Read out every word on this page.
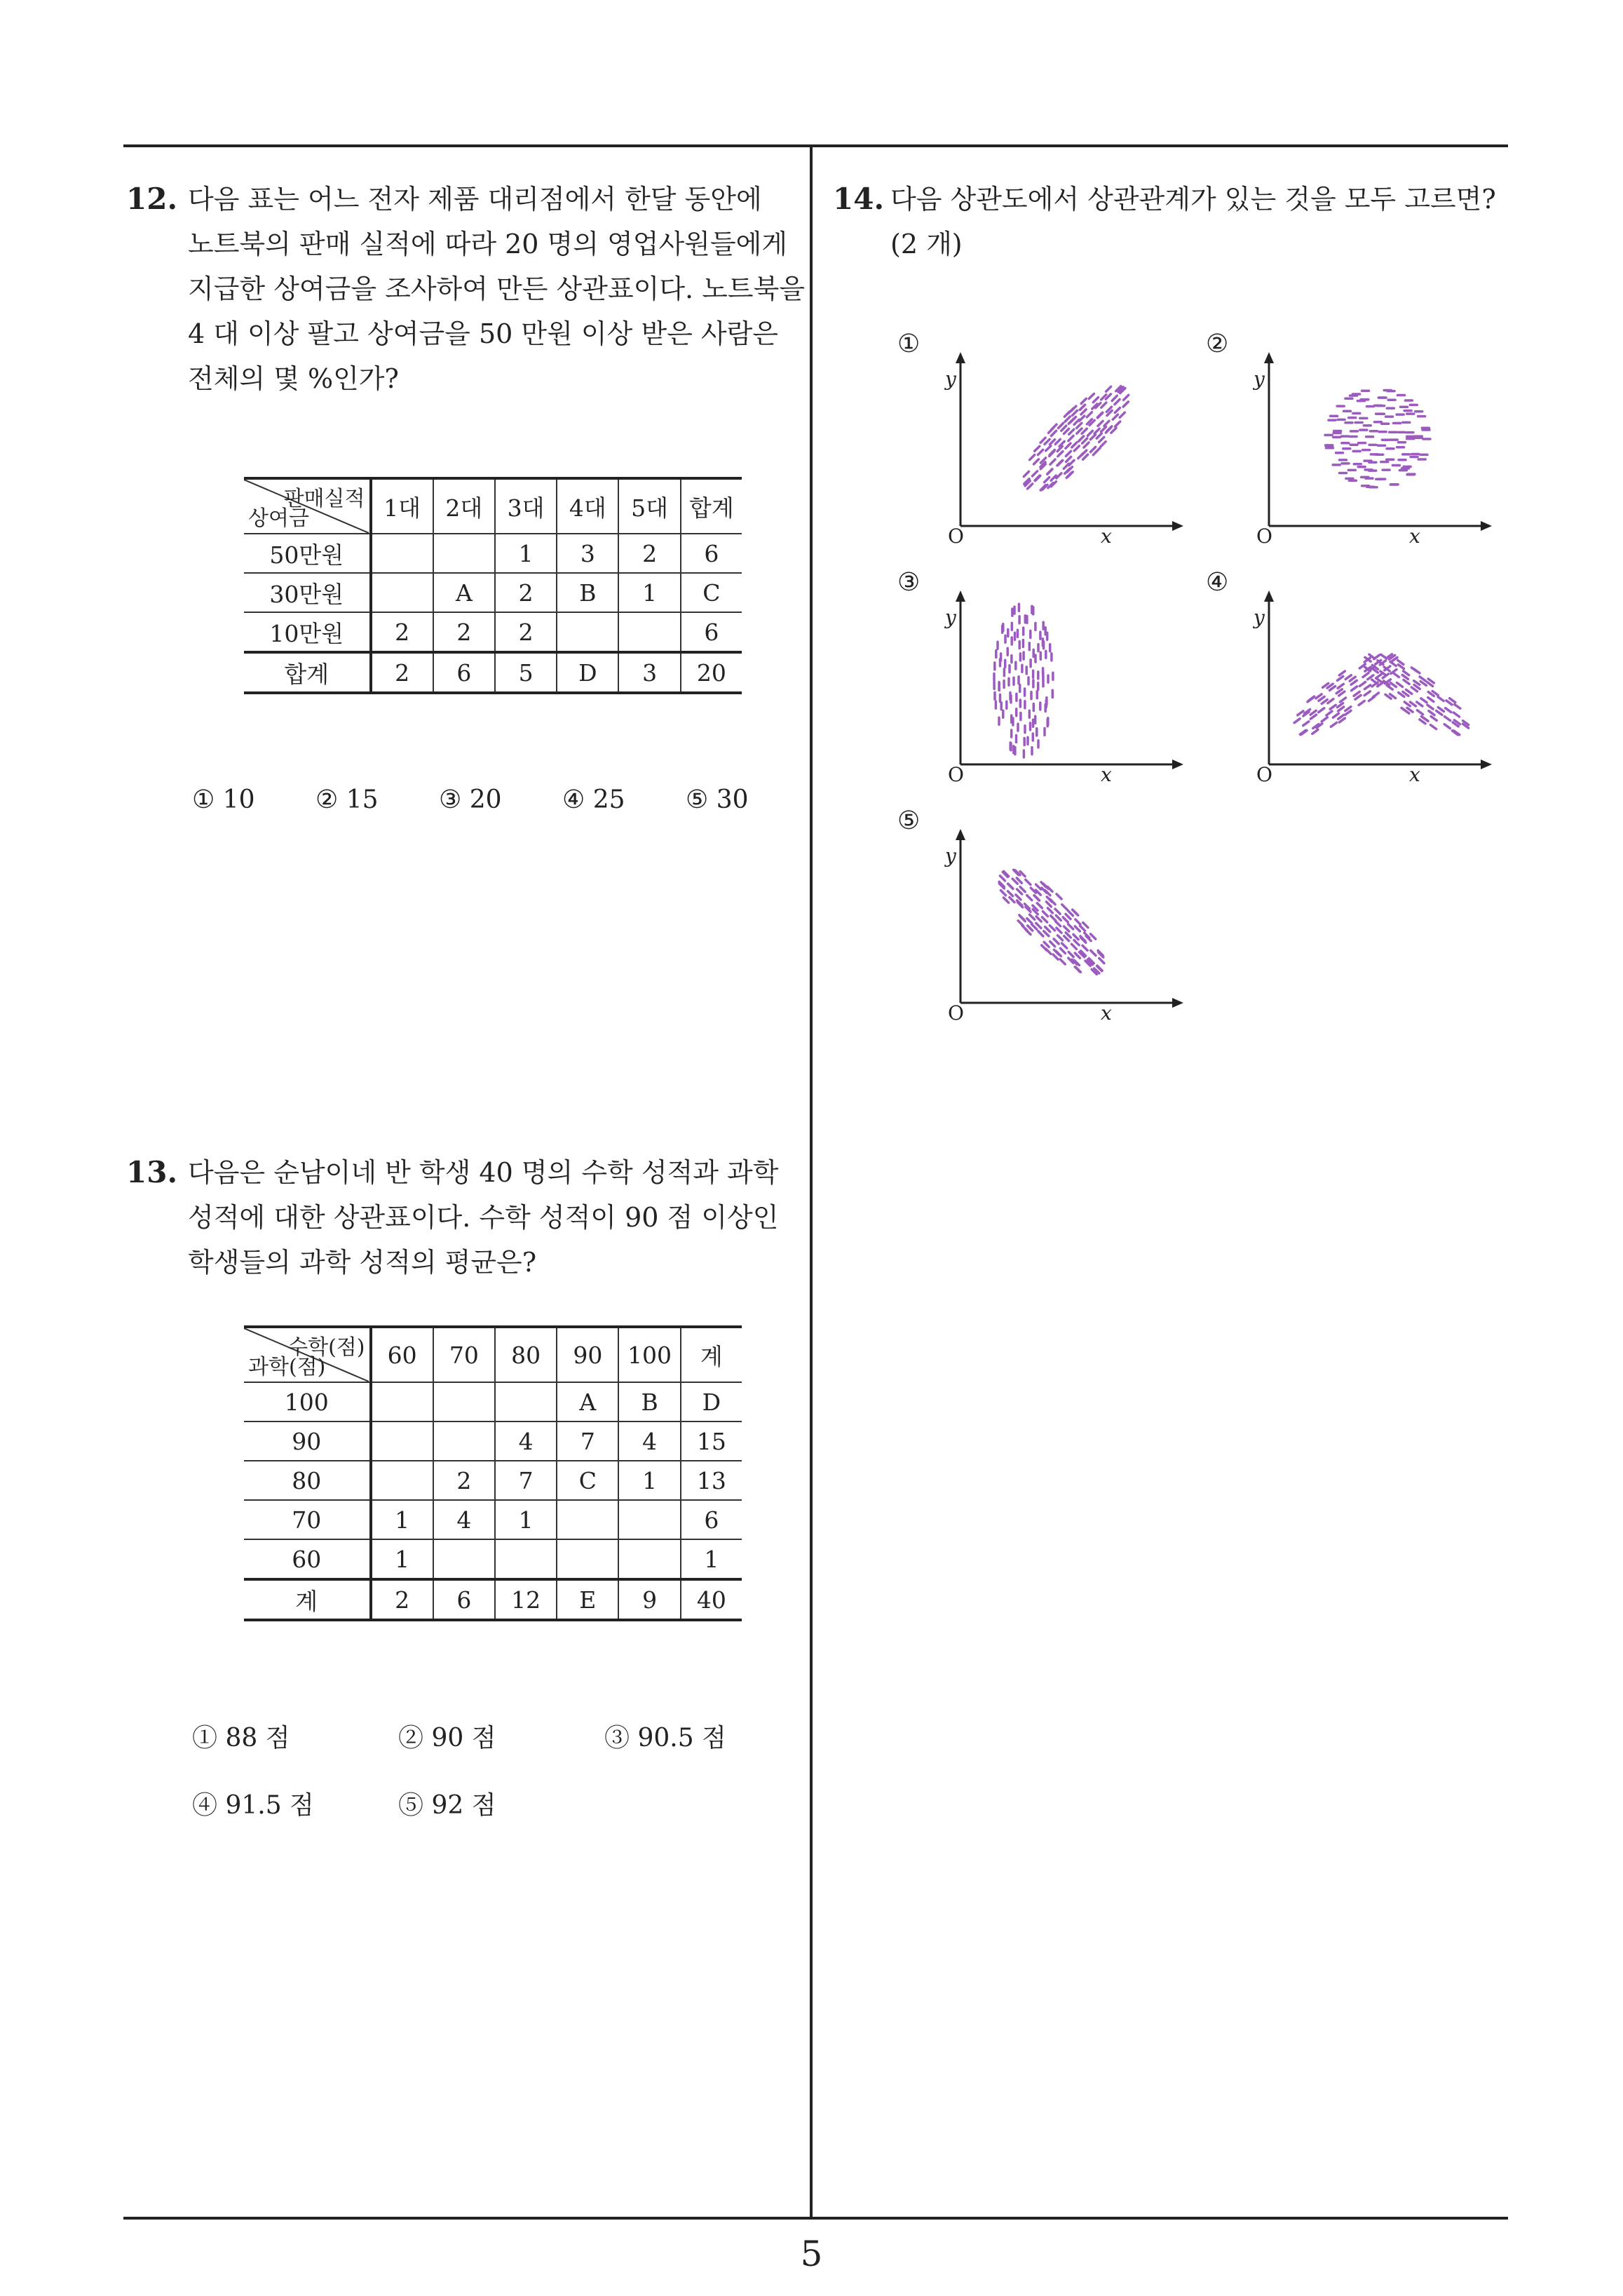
12. 다음 표는 어느 전자 제품 대리점에서 한달 동안에
노트북의 판매 실적에 따라 20 명의 영업사원들에게
지급한 상여금을 조사하여 만든 상관표이다. 노트북을
4 대 이상 팔고 상여금을 50 만원 이상 받은 사람은
전체의 몇 %인가?
판매실적
상여금	1대	2대	3대	4대	5대	합계
50만원			1	3	2	6
30만원		A	2	B	1	C
10만원	2	2	2			6
합계	2	6	5	D	3	20
① 10 ② 15 ③ 20 ④ 25 ⑤ 30
13. 다음은 순남이네 반 학생 40 명의 수학 성적과 과학
성적에 대한 상관표이다. 수학 성적이 90 점 이상인
학생들의 과학 성적의 평균은?
수학(점)
과학(점)	60	70	80	90	100	계
100				A	B	D
90			4	7	4	15
80		2	7	C	1	13
70	1	4	1			6
60	1					1
계	2	6	12	E	9	40
① 88 점	② 90 점	③ 90.5 점
④ 91.5 점	⑤ 92 점
14. 다음 상관도에서 상관관계가 있는 것을 모두 고르면?
(2 개)
①
O	x
y
②
O	x
y
③
O	x
y
④
O	x
y
⑤
O	x
y
5
